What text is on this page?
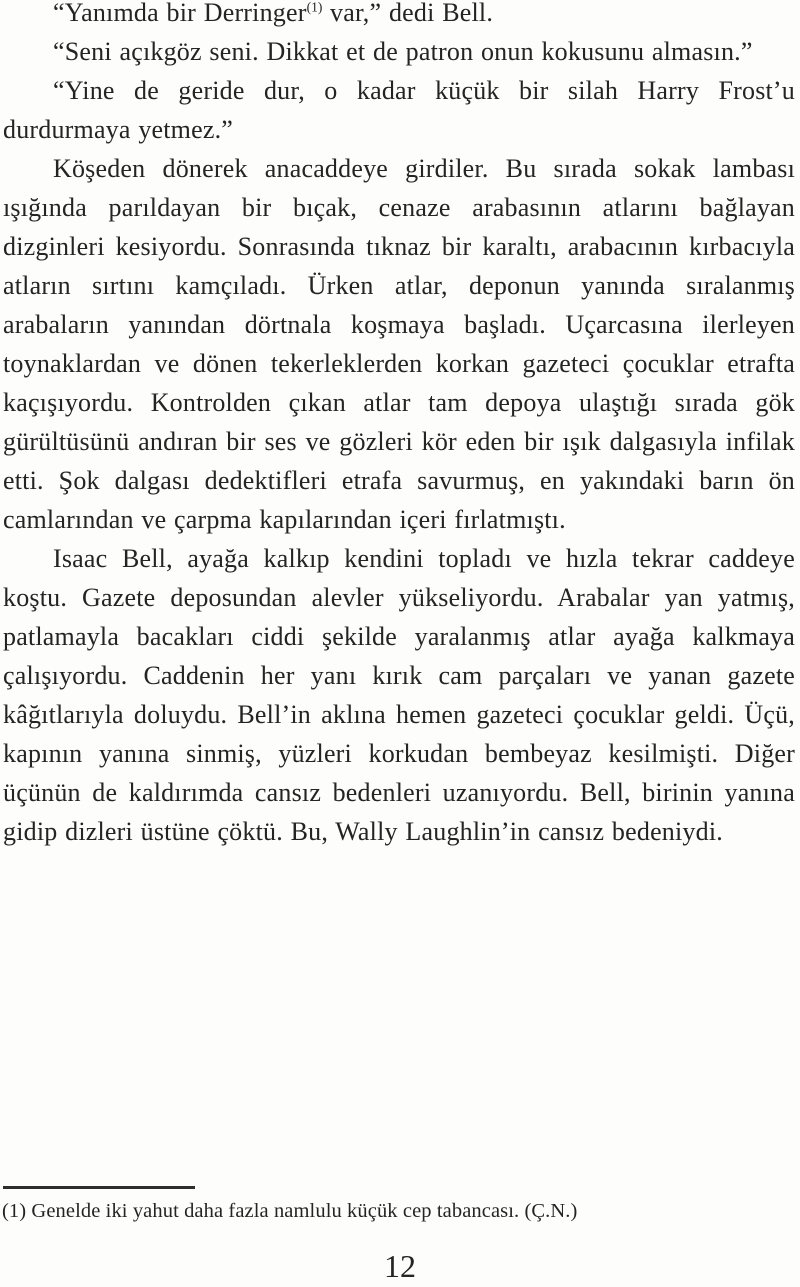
“Yanımda bir Derringer$^{(1)}$ var,” dedi Bell.

“Seni açıkgöz seni. Dikkat et de patron onun kokusunu almasın.”

“Yine de geride dur, o kadar küçük bir silah Harry Frost’u durdurmaya yetmez.”

Köşeden dönerek anacaddeye girdiler. Bu sırada sokak lambası ışığında parıldayan bir bıçak, cenaze arabasının atlarını bağlayan dizginleri kesiyordu. Sonrasında tıknaz bir karaltı, arabacının kırbacıyla atların sırtını kamçıladı. Ürken atlar, deponun yanında sıralanmış arabaların yanından dörtnala koşmaya başladı. Uçarcasına ilerleyen toynaklardan ve dönen tekerleklerden korkan gazeteci çocuklar etrafta kaçışıyordu. Kontrolden çıkan atlar tam depoya ulaştığı sırada gök gürültüsünü andıran bir ses ve gözleri kör eden bir ışık dalgasıyla infilak etti. Şok dalgası dedektifleri etrafa savurmuş, en yakındaki barın ön camlarından ve çarpma kapılarından içeri fırlatmıştı.

Isaac Bell, ayağa kalkıp kendini topladı ve hızla tekrar caddeye koştu. Gazete deposundan alevler yükseliyordu. Arabalar yan yatmış, patlamayla bacakları ciddi şekilde yaralanmış atlar ayağa kalkmaya çalışıyordu. Caddenin her yanı kırık cam parçaları ve yanan gazete kâğıtlarıyla doluydu. Bell’in aklına hemen gazeteci çocuklar geldi. Üçü, kapının yanına sinmiş, yüzleri korkudan bembeyaz kesilmişti. Diğer üçünün de kaldırımda cansız bedenleri uzanıyordu. Bell, birinin yanına gidip dizleri üstüne çöktü. Bu, Wally Laughlin’in cansız bedeniydi.

(1) Genelde iki yahut daha fazla namlulu küçük cep tabancası. (Ç.N.)
12
